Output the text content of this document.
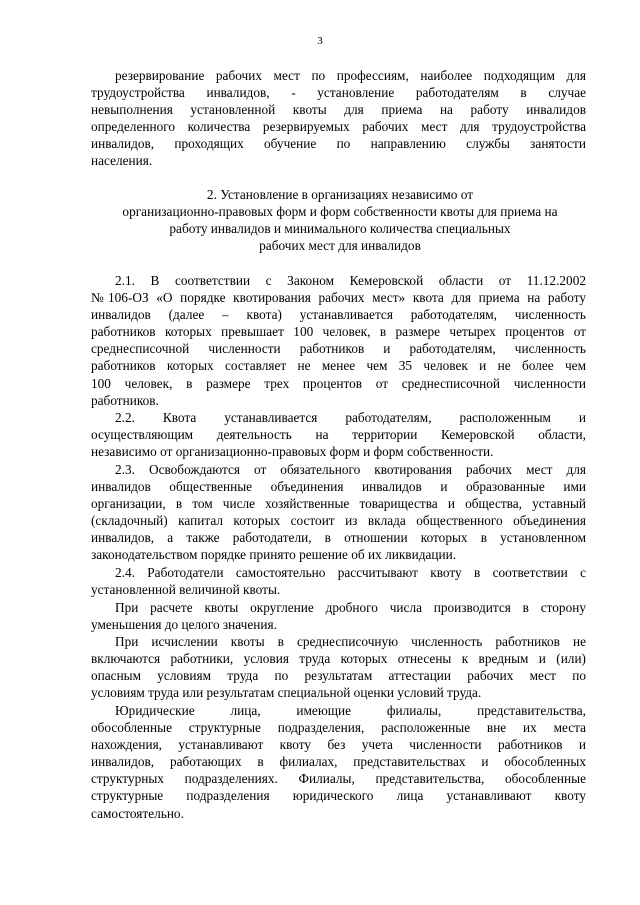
3
резервирование рабочих мест по профессиям, наиболее подходящим для
трудоустройства инвалидов, - установление работодателям в случае
невыполнения установленной квоты для приема на работу инвалидов
определенного количества резервируемых рабочих мест для трудоустройства
инвалидов, проходящих обучение по направлению службы занятости
населения.
2. Установление в организациях независимо от
организационно-правовых форм и форм собственности квоты для приема на
работу инвалидов и минимального количества специальных
рабочих мест для инвалидов
2.1. В соответствии с Законом Кемеровской области от 11.12.2002
№106-ОЗ «О порядке квотирования рабочих мест» квота для приема на работу
инвалидов (далее – квота) устанавливается работодателям, численность
работников которых превышает 100 человек, в размере четырех процентов от
среднесписочной численности работников и работодателям, численность
работников которых составляет не менее чем 35 человек и не более чем
100 человек, в размере трех процентов от среднесписочной численности
работников.
2.2. Квота устанавливается работодателям, расположенным и
осуществляющим деятельность на территории Кемеровской области,
независимо от организационно-правовых форм и форм собственности.
2.3. Освобождаются от обязательного квотирования рабочих мест для
инвалидов общественные объединения инвалидов и образованные ими
организации, в том числе хозяйственные товарищества и общества, уставный
(складочный) капитал которых состоит из вклада общественного объединения
инвалидов, а также работодатели, в отношении которых в установленном
законодательством порядке принято решение об их ликвидации.
2.4. Работодатели самостоятельно рассчитывают квоту в соответствии с
установленной величиной квоты.
При расчете квоты округление дробного числа производится в сторону
уменьшения до целого значения.
При исчислении квоты в среднесписочную численность работников не
включаются работники, условия труда которых отнесены к вредным и (или)
опасным условиям труда по результатам аттестации рабочих мест по
условиям труда или результатам специальной оценки условий труда.
Юридические лица, имеющие филиалы, представительства,
обособленные структурные подразделения, расположенные вне их места
нахождения, устанавливают квоту без учета численности работников и
инвалидов, работающих в филиалах, представительствах и обособленных
структурных подразделениях. Филиалы, представительства, обособленные
структурные подразделения юридического лица устанавливают квоту
самостоятельно.
